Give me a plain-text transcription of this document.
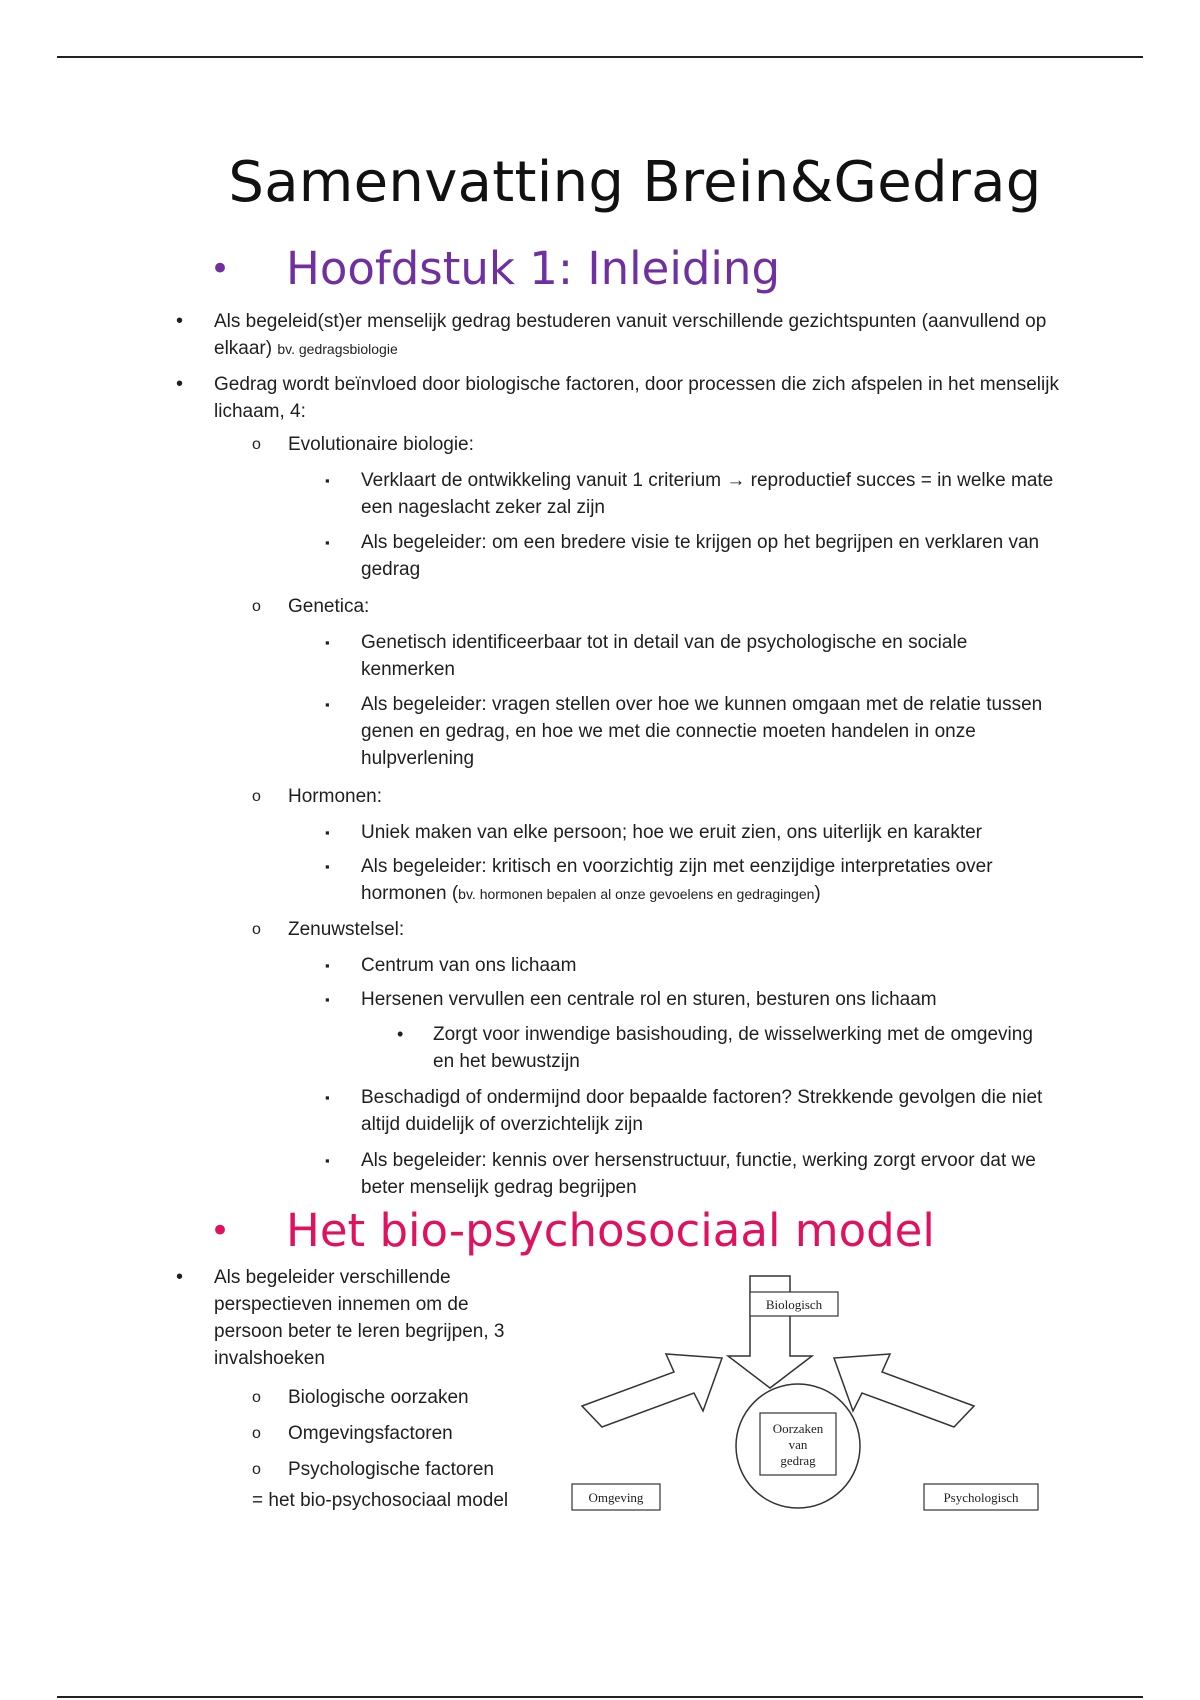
Samenvatting Brein&Gedrag
• Hoofdstuk 1: Inleiding
• Als begeleid(st)er menselijk gedrag bestuderen vanuit verschillende gezichtspunten (aanvullend op elkaar) bv. gedragsbiologie
• Gedrag wordt beïnvloed door biologische factoren, door processen die zich afspelen in het menselijk lichaam, 4:
o Evolutionaire biologie:
▪ Verklaart de ontwikkeling vanuit 1 criterium → reproductief succes = in welke mate een nageslacht zeker zal zijn
▪ Als begeleider: om een bredere visie te krijgen op het begrijpen en verklaren van gedrag
o Genetica:
▪ Genetisch identificeerbaar tot in detail van de psychologische en sociale kenmerken
▪ Als begeleider: vragen stellen over hoe we kunnen omgaan met de relatie tussen genen en gedrag, en hoe we met die connectie moeten handelen in onze hulpverlening
o Hormonen:
▪ Uniek maken van elke persoon; hoe we eruit zien, ons uiterlijk en karakter
▪ Als begeleider: kritisch en voorzichtig zijn met eenzijdige interpretaties over hormonen (bv. hormonen bepalen al onze gevoelens en gedragingen)
o Zenuwstelsel:
▪ Centrum van ons lichaam
▪ Hersenen vervullen een centrale rol en sturen, besturen ons lichaam
• Zorgt voor inwendige basishouding, de wisselwerking met de omgeving en het bewustzijn
▪ Beschadigd of ondermijnd door bepaalde factoren? Strekkende gevolgen die niet altijd duidelijk of overzichtelijk zijn
▪ Als begeleider: kennis over hersenstructuur, functie, werking zorgt ervoor dat we beter menselijk gedrag begrijpen
• Het bio-psychosociaal model
• Als begeleider verschillende perspectieven innemen om de persoon beter te leren begrijpen, 3 invalshoeken
o Biologische oorzaken
o Omgevingsfactoren
o Psychologische factoren
= het bio-psychosociaal model
Biologisch
Omgeving	Psychologisch
Oorzaken
van
gedrag
